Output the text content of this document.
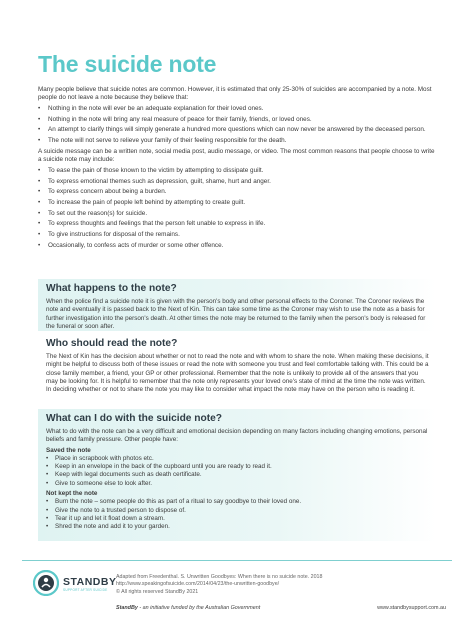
The suicide note

Many people believe that suicide notes are common. However, it is estimated that only 25-30% of suicides are accompanied by a note. Most people do not leave a note because they believe that:

• Nothing in the note will ever be an adequate explanation for their loved ones.
• Nothing in the note will bring any real measure of peace for their family, friends, or loved ones.
• An attempt to clarify things will simply generate a hundred more questions which can now never be answered by the deceased person.
• The note will not serve to relieve your family of their feeling responsible for the death.

A suicide message can be a written note, social media post, audio message, or video. The most common reasons that people choose to write a suicide note may include:

• To ease the pain of those known to the victim by attempting to dissipate guilt.
• To express emotional themes such as depression, guilt, shame, hurt and anger.
• To express concern about being a burden.
• To increase the pain of people left behind by attempting to create guilt.
• To set out the reason(s) for suicide.
• To express thoughts and feelings that the person felt unable to express in life.
• To give instructions for disposal of the remains.
• Occasionally, to confess acts of murder or some other offence.
What happens to the note?
When the police find a suicide note it is given with the person's body and other personal effects to the Coroner. The Coroner reviews the note and eventually it is passed back to the Next of Kin. This can take some time as the Coroner may wish to use the note as a basis for further investigation into the person's death. At other times the note may be returned to the family when the person's body is released for the funeral or soon after.
Who should read the note?
The Next of Kin has the decision about whether or not to read the note and with whom to share the note. When making these decisions, it might be helpful to discuss both of these issues or read the note with someone you trust and feel comfortable talking with. This could be a close family member, a friend, your GP or other professional. Remember that the note is unlikely to provide all of the answers that you may be looking for. It is helpful to remember that the note only represents your loved one's state of mind at the time the note was written. In deciding whether or not to share the note you may like to consider what impact the note may have on the person who is reading it.
What can I do with the suicide note?
What to do with the note can be a very difficult and emotional decision depending on many factors including changing emotions, personal beliefs and family pressure. Other people have:
Saved the note
• Place in scrapbook with photos etc.
• Keep in an envelope in the back of the cupboard until you are ready to read it.
• Keep with legal documents such as death certificate.
• Give to someone else to look after.
Not kept the note
• Burn the note – some people do this as part of a ritual to say goodbye to their loved one.
• Give the note to a trusted person to dispose of.
• Tear it up and let it float down a stream.
• Shred the note and add it to your garden.
STANDBY
SUPPORT AFTER SUICIDE
Adapted from Freedenthal. S. Unwritten Goodbyes: When there is no suicide note. 2018
http://www.speakingofsuicide.com/2014/04/23/the-unwritten-goodbye/
© All rights reserved StandBy 2021
StandBy - an initiative funded by the Australian Government	www.standbysupport.com.au
